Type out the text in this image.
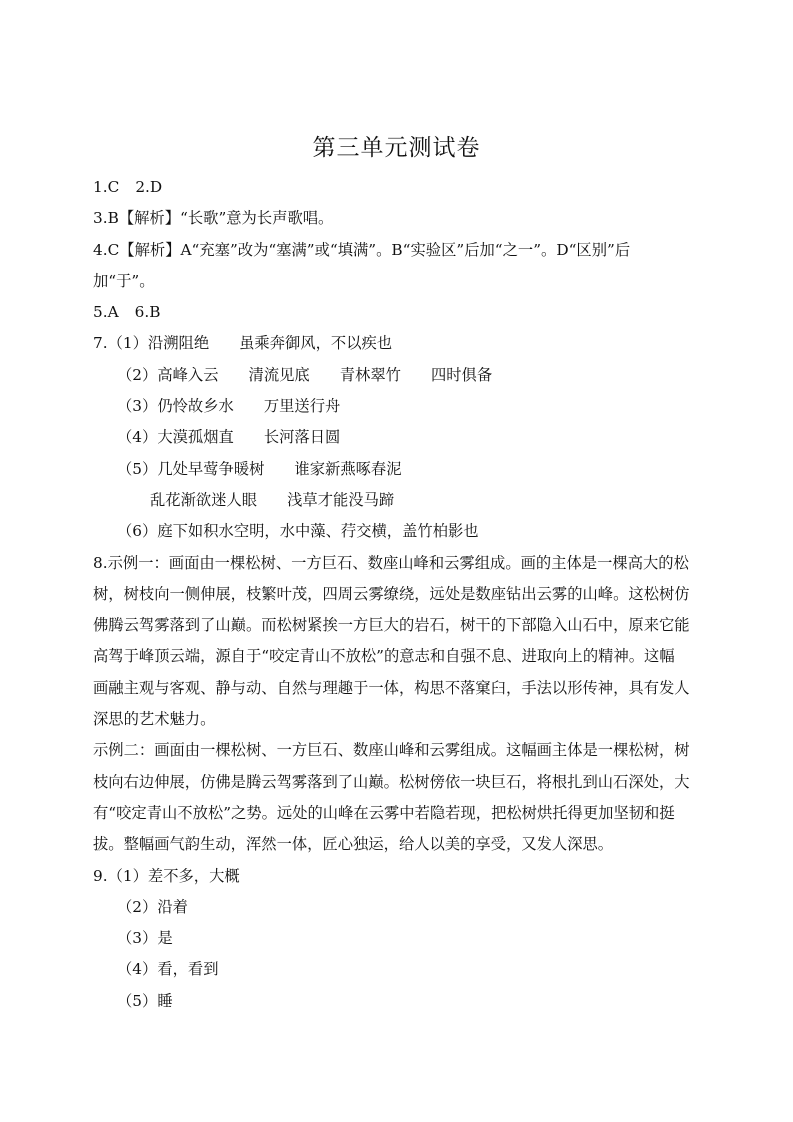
第三单元测试卷
1.C 2.D
3.B【解析】“长歌”意为长声歌唱。
4.C【解析】A“充塞”改为“塞满”或“填满”。B“实验区”后加“之一”。D“区别”后
加“于”。
5.A 6.B
7.（1）沿溯阻绝 虽乘奔御风，不以疾也
（2）高峰入云 清流见底 青林翠竹 四时俱备
（3）仍怜故乡水 万里送行舟
（4）大漠孤烟直 长河落日圆
（5）几处早莺争暖树 谁家新燕啄春泥
乱花渐欲迷人眼 浅草才能没马蹄
（6）庭下如积水空明，水中藻、荇交横，盖竹柏影也
8.示例一：画面由一棵松树、一方巨石、数座山峰和云雾组成。画的主体是一棵高大的松
树，树枝向一侧伸展，枝繁叶茂，四周云雾缭绕，远处是数座钻出云雾的山峰。这松树仿
佛腾云驾雾落到了山巅。而松树紧挨一方巨大的岩石，树干的下部隐入山石中，原来它能
高驾于峰顶云端，源自于“咬定青山不放松”的意志和自强不息、进取向上的精神。这幅
画融主观与客观、静与动、自然与理趣于一体，构思不落窠臼，手法以形传神，具有发人
深思的艺术魅力。
示例二：画面由一棵松树、一方巨石、数座山峰和云雾组成。这幅画主体是一棵松树，树
枝向右边伸展，仿佛是腾云驾雾落到了山巅。松树傍依一块巨石，将根扎到山石深处，大
有“咬定青山不放松”之势。远处的山峰在云雾中若隐若现，把松树烘托得更加坚韧和挺
拔。整幅画气韵生动，浑然一体，匠心独运，给人以美的享受，又发人深思。
9.（1）差不多，大概
（2）沿着
（3）是
（4）看，看到
（5）睡
